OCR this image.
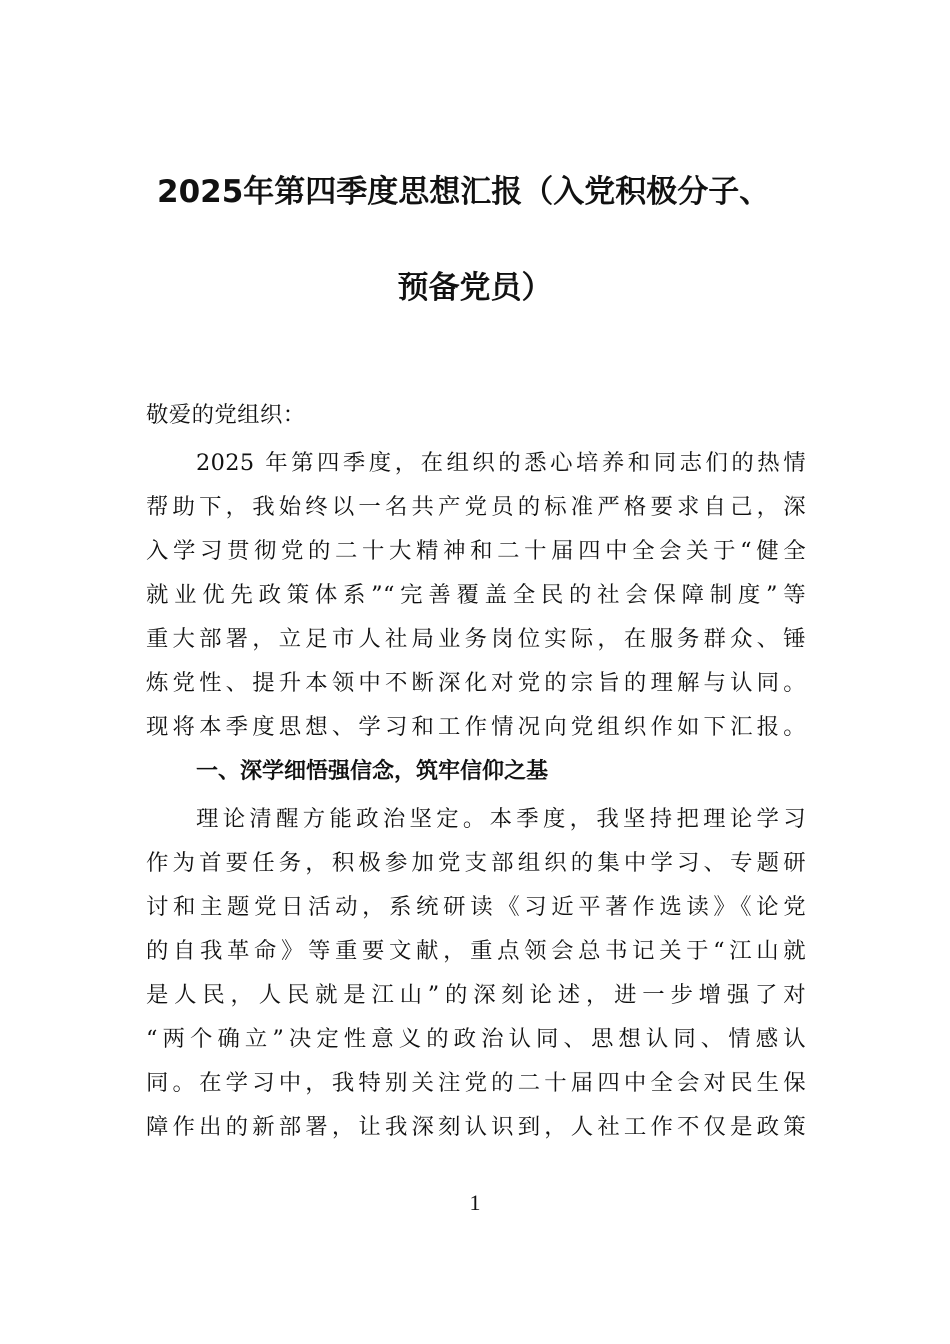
2025年第四季度思想汇报（入党积极分子、
预备党员）
敬爱的党组织：
2025 年第四季度，在组织的悉心培养和同志们的热情
帮助下，我始终以一名共产党员的标准严格要求自己，深
入学习贯彻党的二十大精神和二十届四中全会关于“健全
就业优先政策体系”“完善覆盖全民的社会保障制度”等
重大部署，立足市人社局业务岗位实际，在服务群众、锤
炼党性、提升本领中不断深化对党的宗旨的理解与认同。
现将本季度思想、学习和工作情况向党组织作如下汇报。
一、深学细悟强信念，筑牢信仰之基
理论清醒方能政治坚定。本季度，我坚持把理论学习
作为首要任务，积极参加党支部组织的集中学习、专题研
讨和主题党日活动，系统研读《习近平著作选读》《论党
的自我革命》等重要文献，重点领会总书记关于“江山就
是人民，人民就是江山”的深刻论述，进一步增强了对
“两个确立”决定性意义的政治认同、思想认同、情感认
同。在学习中，我特别关注党的二十届四中全会对民生保
障作出的新部署，让我深刻认识到，人社工作不仅是政策
1
